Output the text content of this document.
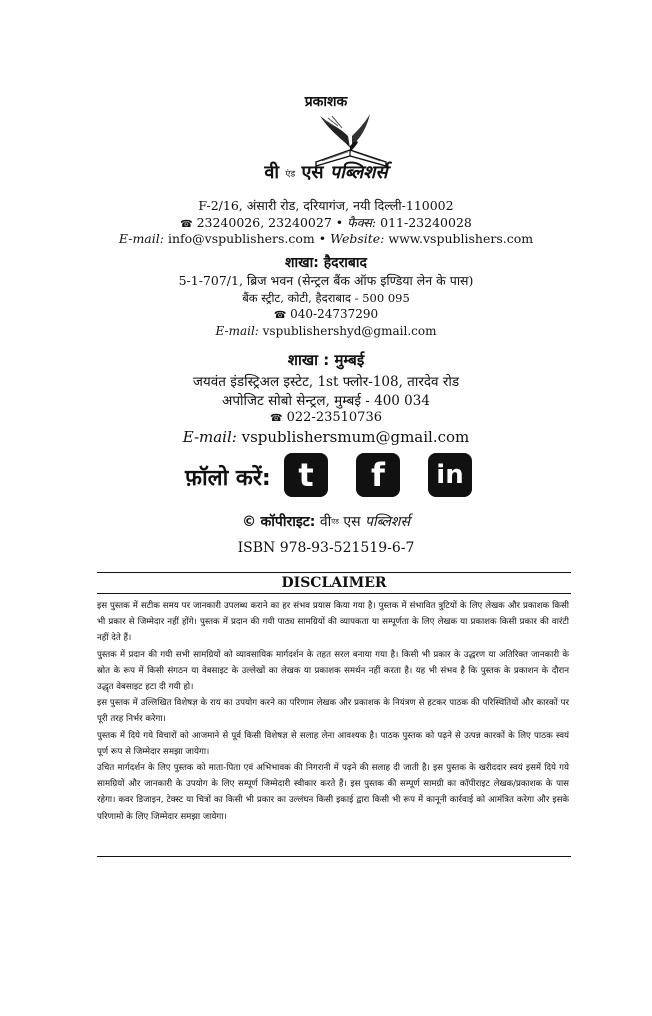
प्रकाशक
वी एंड एस पब्लिशर्स
F-2/16, अंसारी रोड, दरियागंज, नयी दिल्ली-110002
☎ 23240026, 23240027 • फैक्स: 011-23240028
E-mail: info@vspublishers.com • Website: www.vspublishers.com
शाखा: हैदराबाद
5-1-707/1, ब्रिज भवन (सेन्ट्रल बैंक ऑफ इण्डिया लेन के पास)
बैंक स्ट्रीट, कोटी, हैदराबाद - 500 095
☎ 040-24737290
E-mail: vspublishershyd@gmail.com
शाखा : मुम्बई
जयवंत इंडस्ट्रिअल इस्टेट, 1st फ्लोर-108, तारदेव रोड
अपोजिट सोबो सेन्ट्रल, मुम्बई - 400 034
☎ 022-23510736
E-mail: vspublishersmum@gmail.com
फ़ॉलो करें: t	f	in
© कॉपीराइट: वीएंड एस पब्लिशर्स
ISBN 978-93-521519-6-7
DISCLAIMER

इस पुस्तक में सटीक समय पर जानकारी उपलब्ध कराने का हर संभव प्रयास किया गया है। पुस्तक में संभावित त्रुटियों के लिए लेखक और प्रकाशक किसी भी प्रकार से जिम्मेदार नहीं होंगे। पुस्तक में प्रदान की गयी पाठ्य सामग्रियों की व्यापकता या सम्पूर्णता के लिए लेखक या प्रकाशक किसी प्रकार की वारंटी नहीं देते हैं।

पुस्तक में प्रदान की गयी सभी सामग्रियों को व्यावसायिक मार्गदर्शन के तहत सरल बनाया गया है। किसी भी प्रकार के उद्धरण या अतिरिक्त जानकारी के स्रोत के रूप में किसी संगठन या वेबसाइट के उल्लेखों का लेखक या प्रकाशक समर्थन नहीं करता है। यह भी संभव है कि पुस्तक के प्रकाशन के दौरान उद्धृत वेबसाइट हटा दी गयी हो।

इस पुस्तक में उल्लिखित विशेषज्ञ के राय का उपयोग करने का परिणाम लेखक और प्रकाशक के नियंत्रण से हटकर पाठक की परिस्थितियों और कारकों पर पूरी तरह निर्भर करेगा।

पुस्तक में दिये गये विचारों को आजमाने से पूर्व किसी विशेषज्ञ से सलाह लेना आवश्यक है। पाठक पुस्तक को पढ़ने से उत्पन्न कारकों के लिए पाठक स्वयं पूर्ण रूप से जिम्मेदार समझा जायेगा।

उचित मार्गदर्शन के लिए पुस्तक को माता-पिता एवं अभिभावक की निगरानी में पढ़ने की सलाह दी जाती है। इस पुस्तक के खरीददार स्वयं इसमें दिये गये सामग्रियों और जानकारी के उपयोग के लिए सम्पूर्ण जिम्मेदारी स्वीकार करते हैं। इस पुस्तक की सम्पूर्ण सामग्री का कॉपीराइट लेखक/प्रकाशक के पास रहेगा। कवर डिजाइन, टेक्स्ट या चित्रों का किसी भी प्रकार का उल्लंघन किसी इकाई द्वारा किसी भी रूप में कानूनी कार्रवाई को आमंत्रित करेगा और इसके परिणामों के लिए जिम्मेदार समझा जायेगा।
